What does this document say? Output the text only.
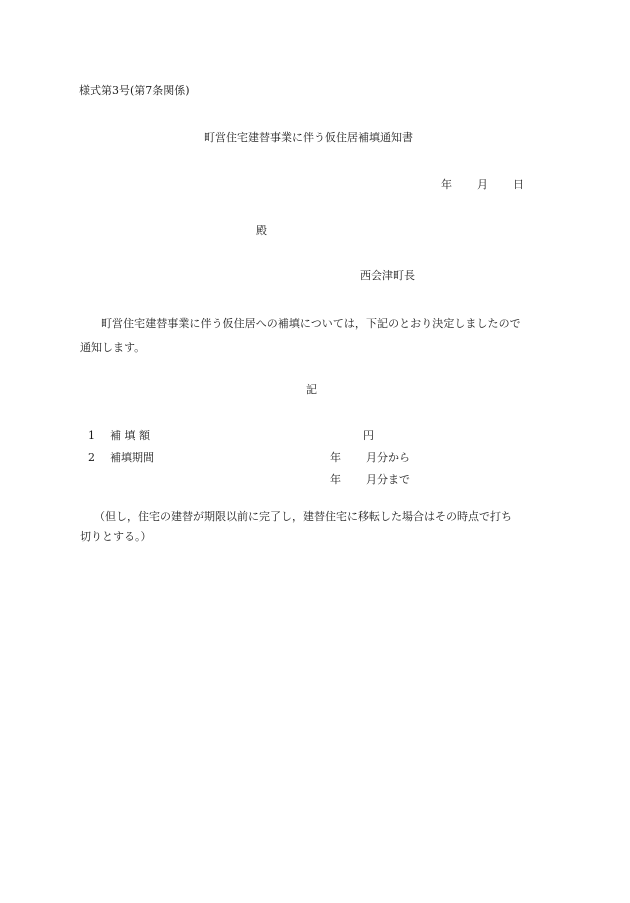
様式第3号(第7条関係)
町営住宅建替事業に伴う仮住居補填通知書
年 月 日
殿
西会津町長
町営住宅建替事業に伴う仮住居への補填については，下記のとおり決定しましたので
通知します。
記
1 補 填 額	円
2 補填期間	年 月分から
年 月分まで
（但し，住宅の建替が期限以前に完了し，建替住宅に移転した場合はその時点で打ち
切りとする。）
